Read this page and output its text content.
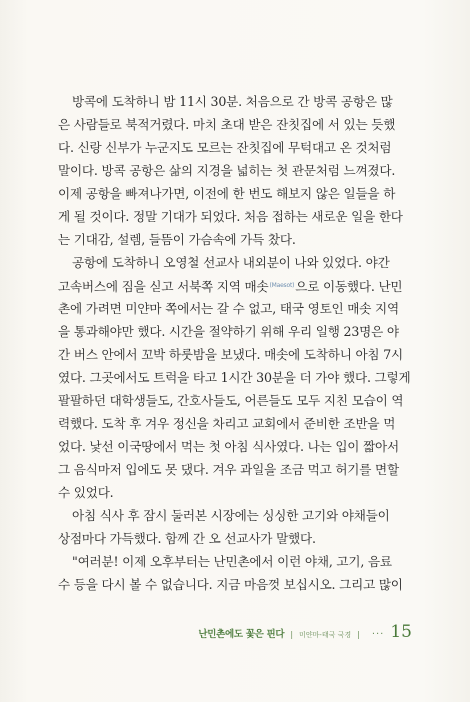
방콕에 도착하니 밤 11시 30분. 처음으로 간 방콕 공항은 많
은 사람들로 북적거렸다. 마치 초대 받은 잔칫집에 서 있는 듯했
다. 신랑 신부가 누군지도 모르는 잔칫집에 무턱대고 온 것처럼
말이다. 방콕 공항은 삶의 지경을 넓히는 첫 관문처럼 느껴졌다.
이제 공항을 빠져나가면, 이전에 한 번도 해보지 않은 일들을 하
게 될 것이다. 정말 기대가 되었다. 처음 접하는 새로운 일을 한다
는 기대감, 설렘, 들뜸이 가슴속에 가득 찼다.
공항에 도착하니 오영철 선교사 내외분이 나와 있었다. 야간
고속버스에 짐을 싣고 서북쪽 지역 매솟$^{(Maesot)}$으로 이동했다. 난민
촌에 가려면 미얀마 쪽에서는 갈 수 없고, 태국 영토인 매솟 지역
을 통과해야만 했다. 시간을 절약하기 위해 우리 일행 23명은 야
간 버스 안에서 꼬박 하룻밤을 보냈다. 매솟에 도착하니 아침 7시
였다. 그곳에서도 트럭을 타고 1시간 30분을 더 가야 했다. 그렇게
팔팔하던 대학생들도, 간호사들도, 어른들도 모두 지친 모습이 역
력했다. 도착 후 겨우 정신을 차리고 교회에서 준비한 조반을 먹
었다. 낯선 이국땅에서 먹는 첫 아침 식사였다. 나는 입이 짧아서
그 음식마저 입에도 못 댔다. 겨우 과일을 조금 먹고 허기를 면할
수 있었다.
아침 식사 후 잠시 둘러본 시장에는 싱싱한 고기와 야채들이
상점마다 가득했다. 함께 간 오 선교사가 말했다.
"여러분! 이제 오후부터는 난민촌에서 이런 야채, 고기, 음료
수 등을 다시 볼 수 없습니다. 지금 마음껏 보십시오. 그리고 많이
난민촌에도 꽃은 핀다 | 미얀마-태국 국경 | ··· 15
